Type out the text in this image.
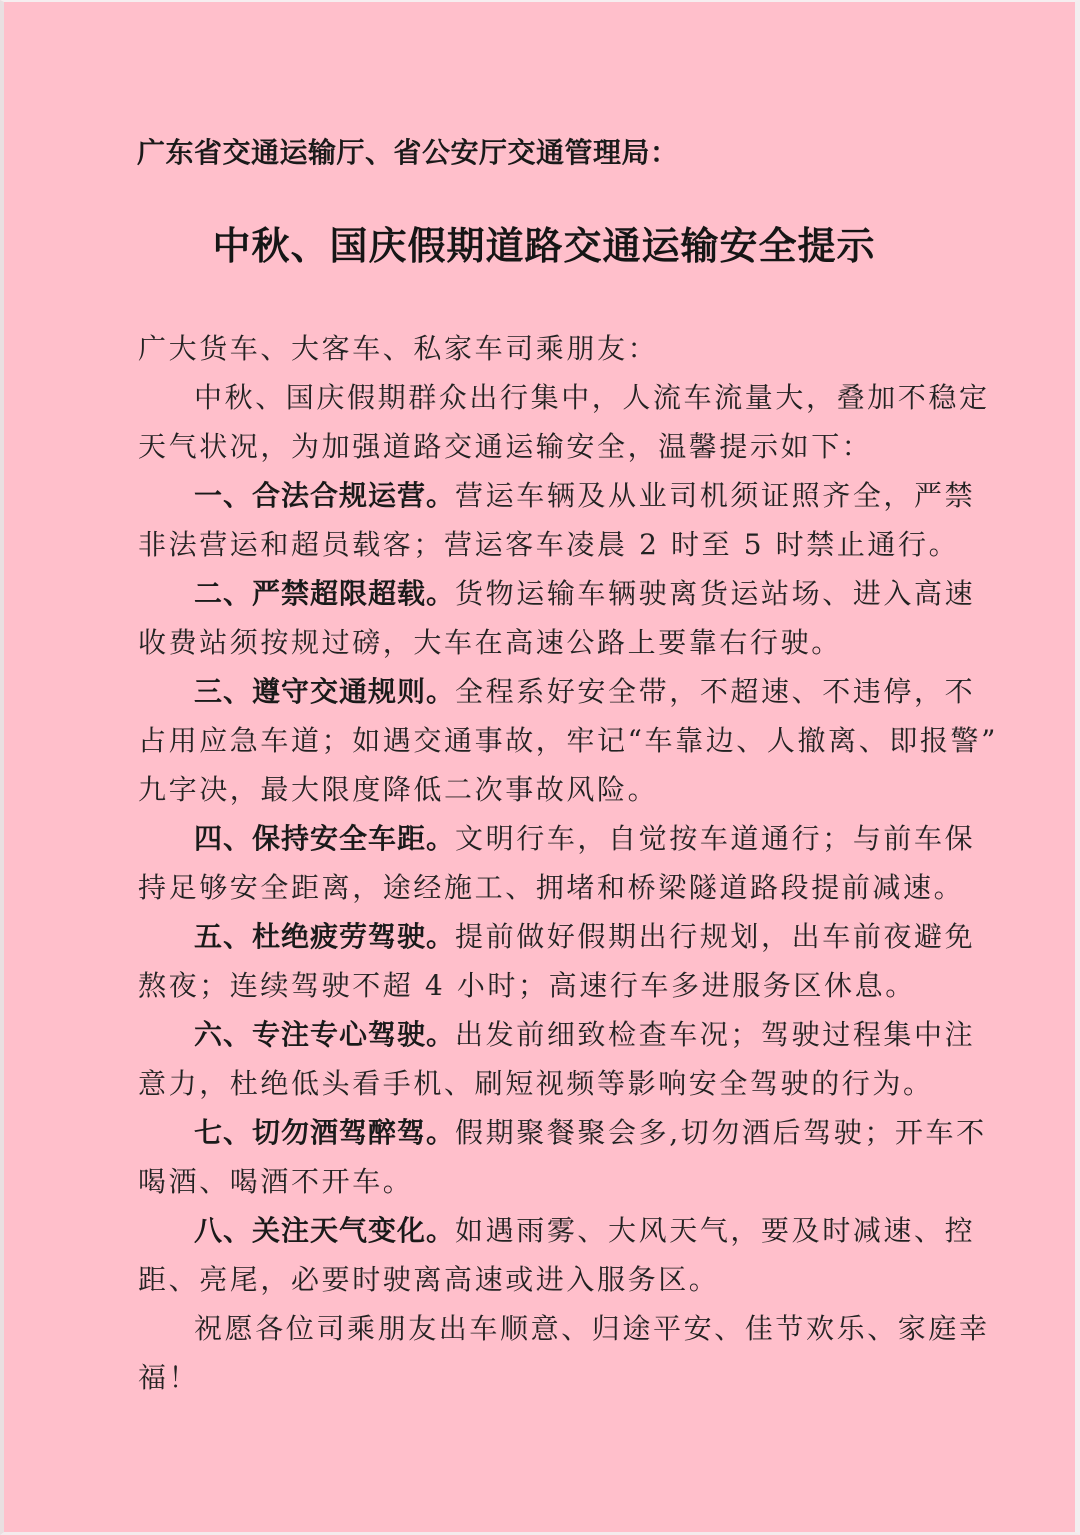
广东省交通运输厅、省公安厅交通管理局：
中秋、国庆假期道路交通运输安全提示

广大货车、大客车、私家车司乘朋友：

中秋、国庆假期群众出行集中，人流车流量大，叠加不稳定

天气状况，为加强道路交通运输安全，温馨提示如下：

一、合法合规运营。营运车辆及从业司机须证照齐全，严禁

非法营运和超员载客；营运客车凌晨 2 时至 5 时禁止通行。

二、严禁超限超载。货物运输车辆驶离货运站场、进入高速

收费站须按规过磅，大车在高速公路上要靠右行驶。

三、遵守交通规则。全程系好安全带，不超速、不违停，不

占用应急车道；如遇交通事故，牢记“车靠边、人撤离、即报警”

九字决，最大限度降低二次事故风险。

四、保持安全车距。文明行车，自觉按车道通行；与前车保

持足够安全距离，途经施工、拥堵和桥梁隧道路段提前减速。

五、杜绝疲劳驾驶。提前做好假期出行规划，出车前夜避免

熬夜；连续驾驶不超 4 小时；高速行车多进服务区休息。

六、专注专心驾驶。出发前细致检查车况；驾驶过程集中注

意力，杜绝低头看手机、刷短视频等影响安全驾驶的行为。

七、切勿酒驾醉驾。假期聚餐聚会多,切勿酒后驾驶；开车不

喝酒、喝酒不开车。

八、关注天气变化。如遇雨雾、大风天气，要及时减速、控

距、亮尾，必要时驶离高速或进入服务区。

祝愿各位司乘朋友出车顺意、归途平安、佳节欢乐、家庭幸

福！
